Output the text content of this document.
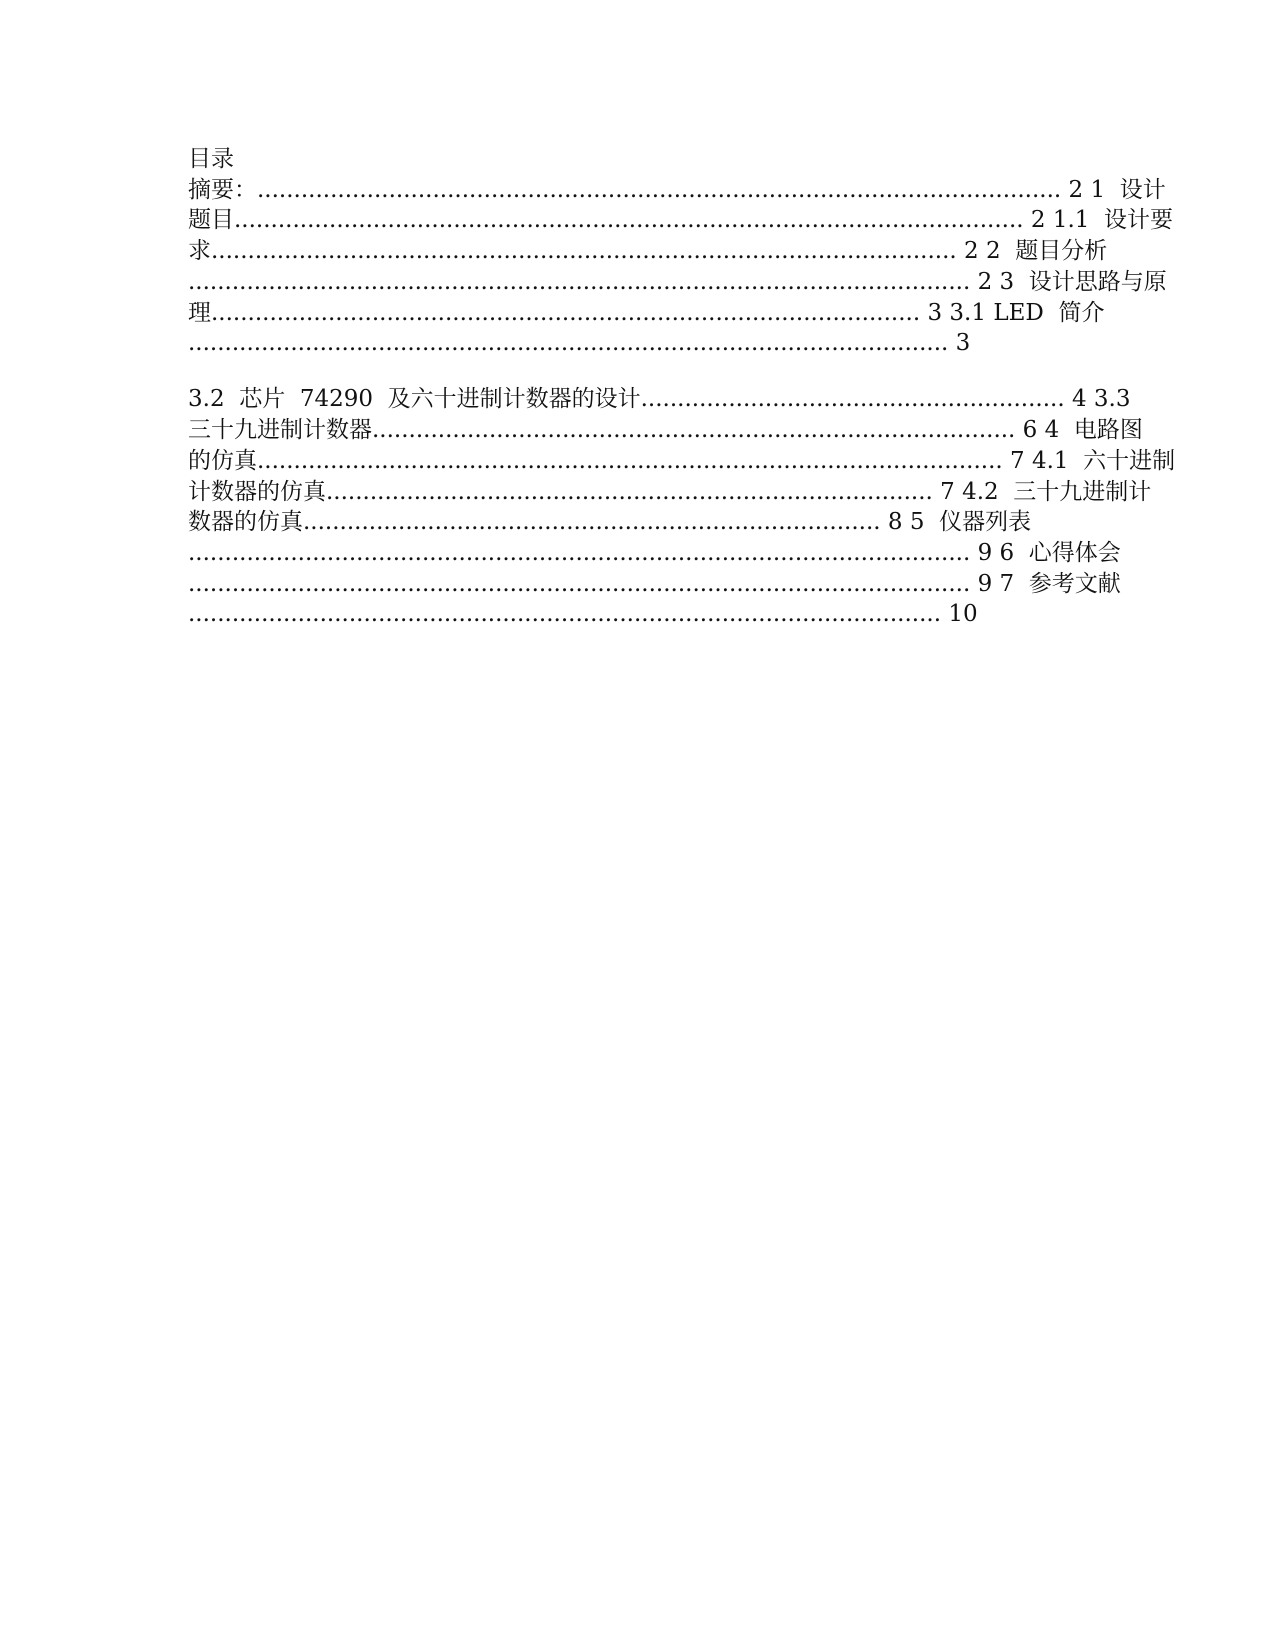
目录
摘要：.............................................................................................................. 2 1  设计
题目............................................................................................................ 2 1.1  设计要
求...................................................................................................... 2 2  题目分析
........................................................................................................... 2 3  设计思路与原
理................................................................................................. 3 3.1 LED  简介
........................................................................................................ 3
3.2  芯片  74290  及六十进制计数器的设计.......................................................... 4 3.3
三十九进制计数器........................................................................................ 6 4  电路图
的仿真...................................................................................................... 7 4.1  六十进制
计数器的仿真................................................................................... 7 4.2  三十九进制计
数器的仿真............................................................................... 8 5  仪器列表
........................................................................................................... 9 6  心得体会
........................................................................................................... 9 7  参考文献
....................................................................................................... 10
